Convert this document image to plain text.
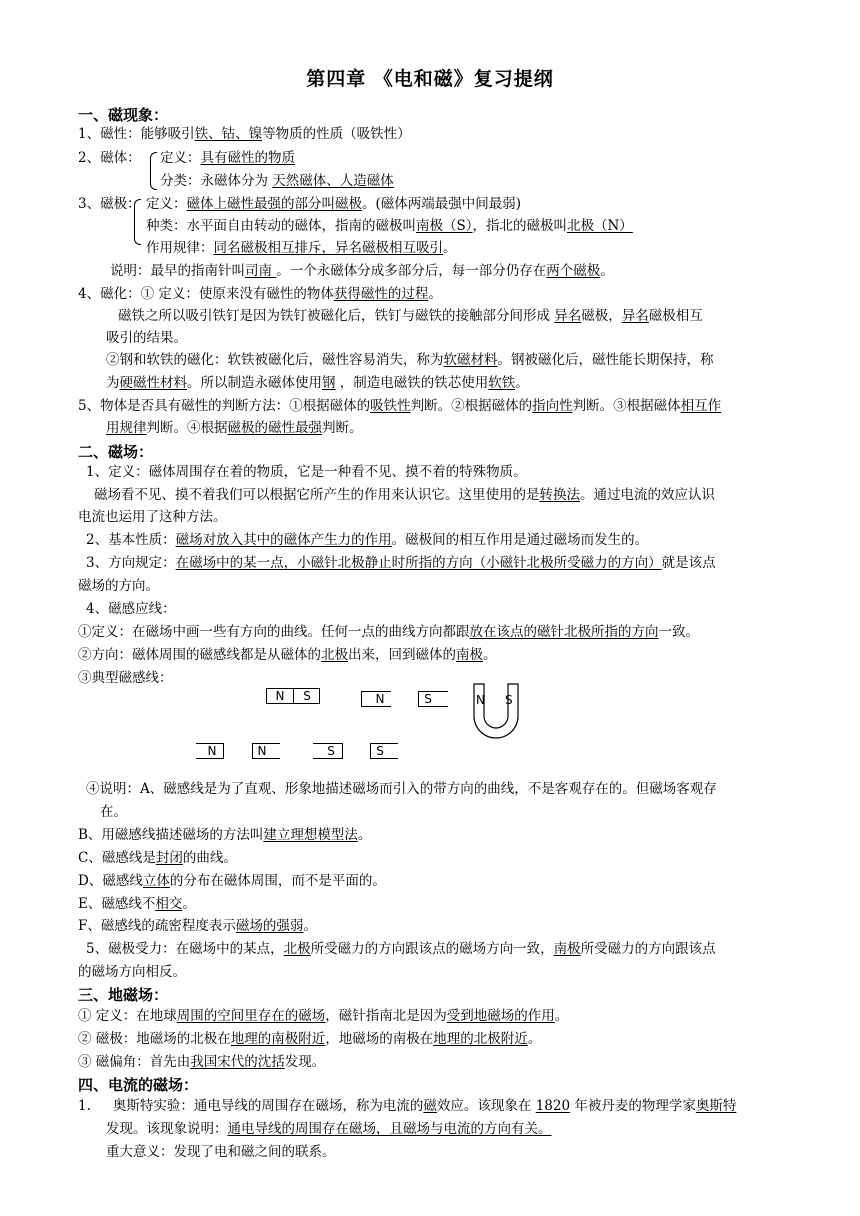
第四章 《电和磁》复习提纲
一、磁现象：
1、磁性：能够吸引铁、钴、镍等物质的性质（吸铁性）
2、磁体： 定义：具有磁性的物质
分类：永磁体分为 天然磁体、人造磁体
3、磁极： 定义：磁体上磁性最强的部分叫磁极。(磁体两端最强中间最弱)
种类：水平面自由转动的磁体，指南的磁极叫南极（S），指北的磁极叫北极（N）
作用规律：同名磁极相互排斥，异名磁极相互吸引。
说明：最早的指南针叫司南 。一个永磁体分成多部分后，每一部分仍存在两个磁极。
4、磁化：① 定义：使原来没有磁性的物体获得磁性的过程。
磁铁之所以吸引铁钉是因为铁钉被磁化后，铁钉与磁铁的接触部分间形成 异名磁极，异名磁极相互
吸引的结果。
②钢和软铁的磁化：软铁被磁化后，磁性容易消失，称为软磁材料。钢被磁化后，磁性能长期保持，称
为硬磁性材料。所以制造永磁体使用钢 ，制造电磁铁的铁芯使用软铁。
5、物体是否具有磁性的判断方法：①根据磁体的吸铁性判断。②根据磁体的指向性判断。③根据磁体相互作
用规律判断。④根据磁极的磁性最强判断。
二、磁场：
1、定义：磁体周围存在着的物质，它是一种看不见、摸不着的特殊物质。
磁场看不见、摸不着我们可以根据它所产生的作用来认识它。这里使用的是转换法。通过电流的效应认识
电流也运用了这种方法。
2、基本性质：磁场对放入其中的磁体产生力的作用。磁极间的相互作用是通过磁场而发生的。
3、方向规定：在磁场中的某一点，小磁针北极静止时所指的方向（小磁针北极所受磁力的方向）就是该点
磁场的方向。
4、磁感应线：
①定义：在磁场中画一些有方向的曲线。任何一点的曲线方向都跟放在该点的磁针北极所指的方向一致。
②方向：磁体周围的磁感线都是从磁体的北极出来，回到磁体的南极。
③典型磁感线：
N	S	N	S	N S
N	N	S	S
④说明：A、磁感线是为了直观、形象地描述磁场而引入的带方向的曲线，不是客观存在的。但磁场客观存
在。
B、用磁感线描述磁场的方法叫建立理想模型法。
C、磁感线是封闭的曲线。
D、磁感线立体的分布在磁体周围，而不是平面的。
E、磁感线不相交。
F、磁感线的疏密程度表示磁场的强弱。
5、磁极受力：在磁场中的某点，北极所受磁力的方向跟该点的磁场方向一致，南极所受磁力的方向跟该点
的磁场方向相反。
三、地磁场：
① 定义：在地球周围的空间里存在的磁场，磁针指南北是因为受到地磁场的作用。
② 磁极：地磁场的北极在地理的南极附近，地磁场的南极在地理的北极附近。
③ 磁偏角：首先由我国宋代的沈括发现。
四、电流的磁场：
1. 奥斯特实验：通电导线的周围存在磁场，称为电流的磁效应。该现象在 1820 年被丹麦的物理学家奥斯特
发现。该现象说明：通电导线的周围存在磁场，且磁场与电流的方向有关。
重大意义：发现了电和磁之间的联系。
